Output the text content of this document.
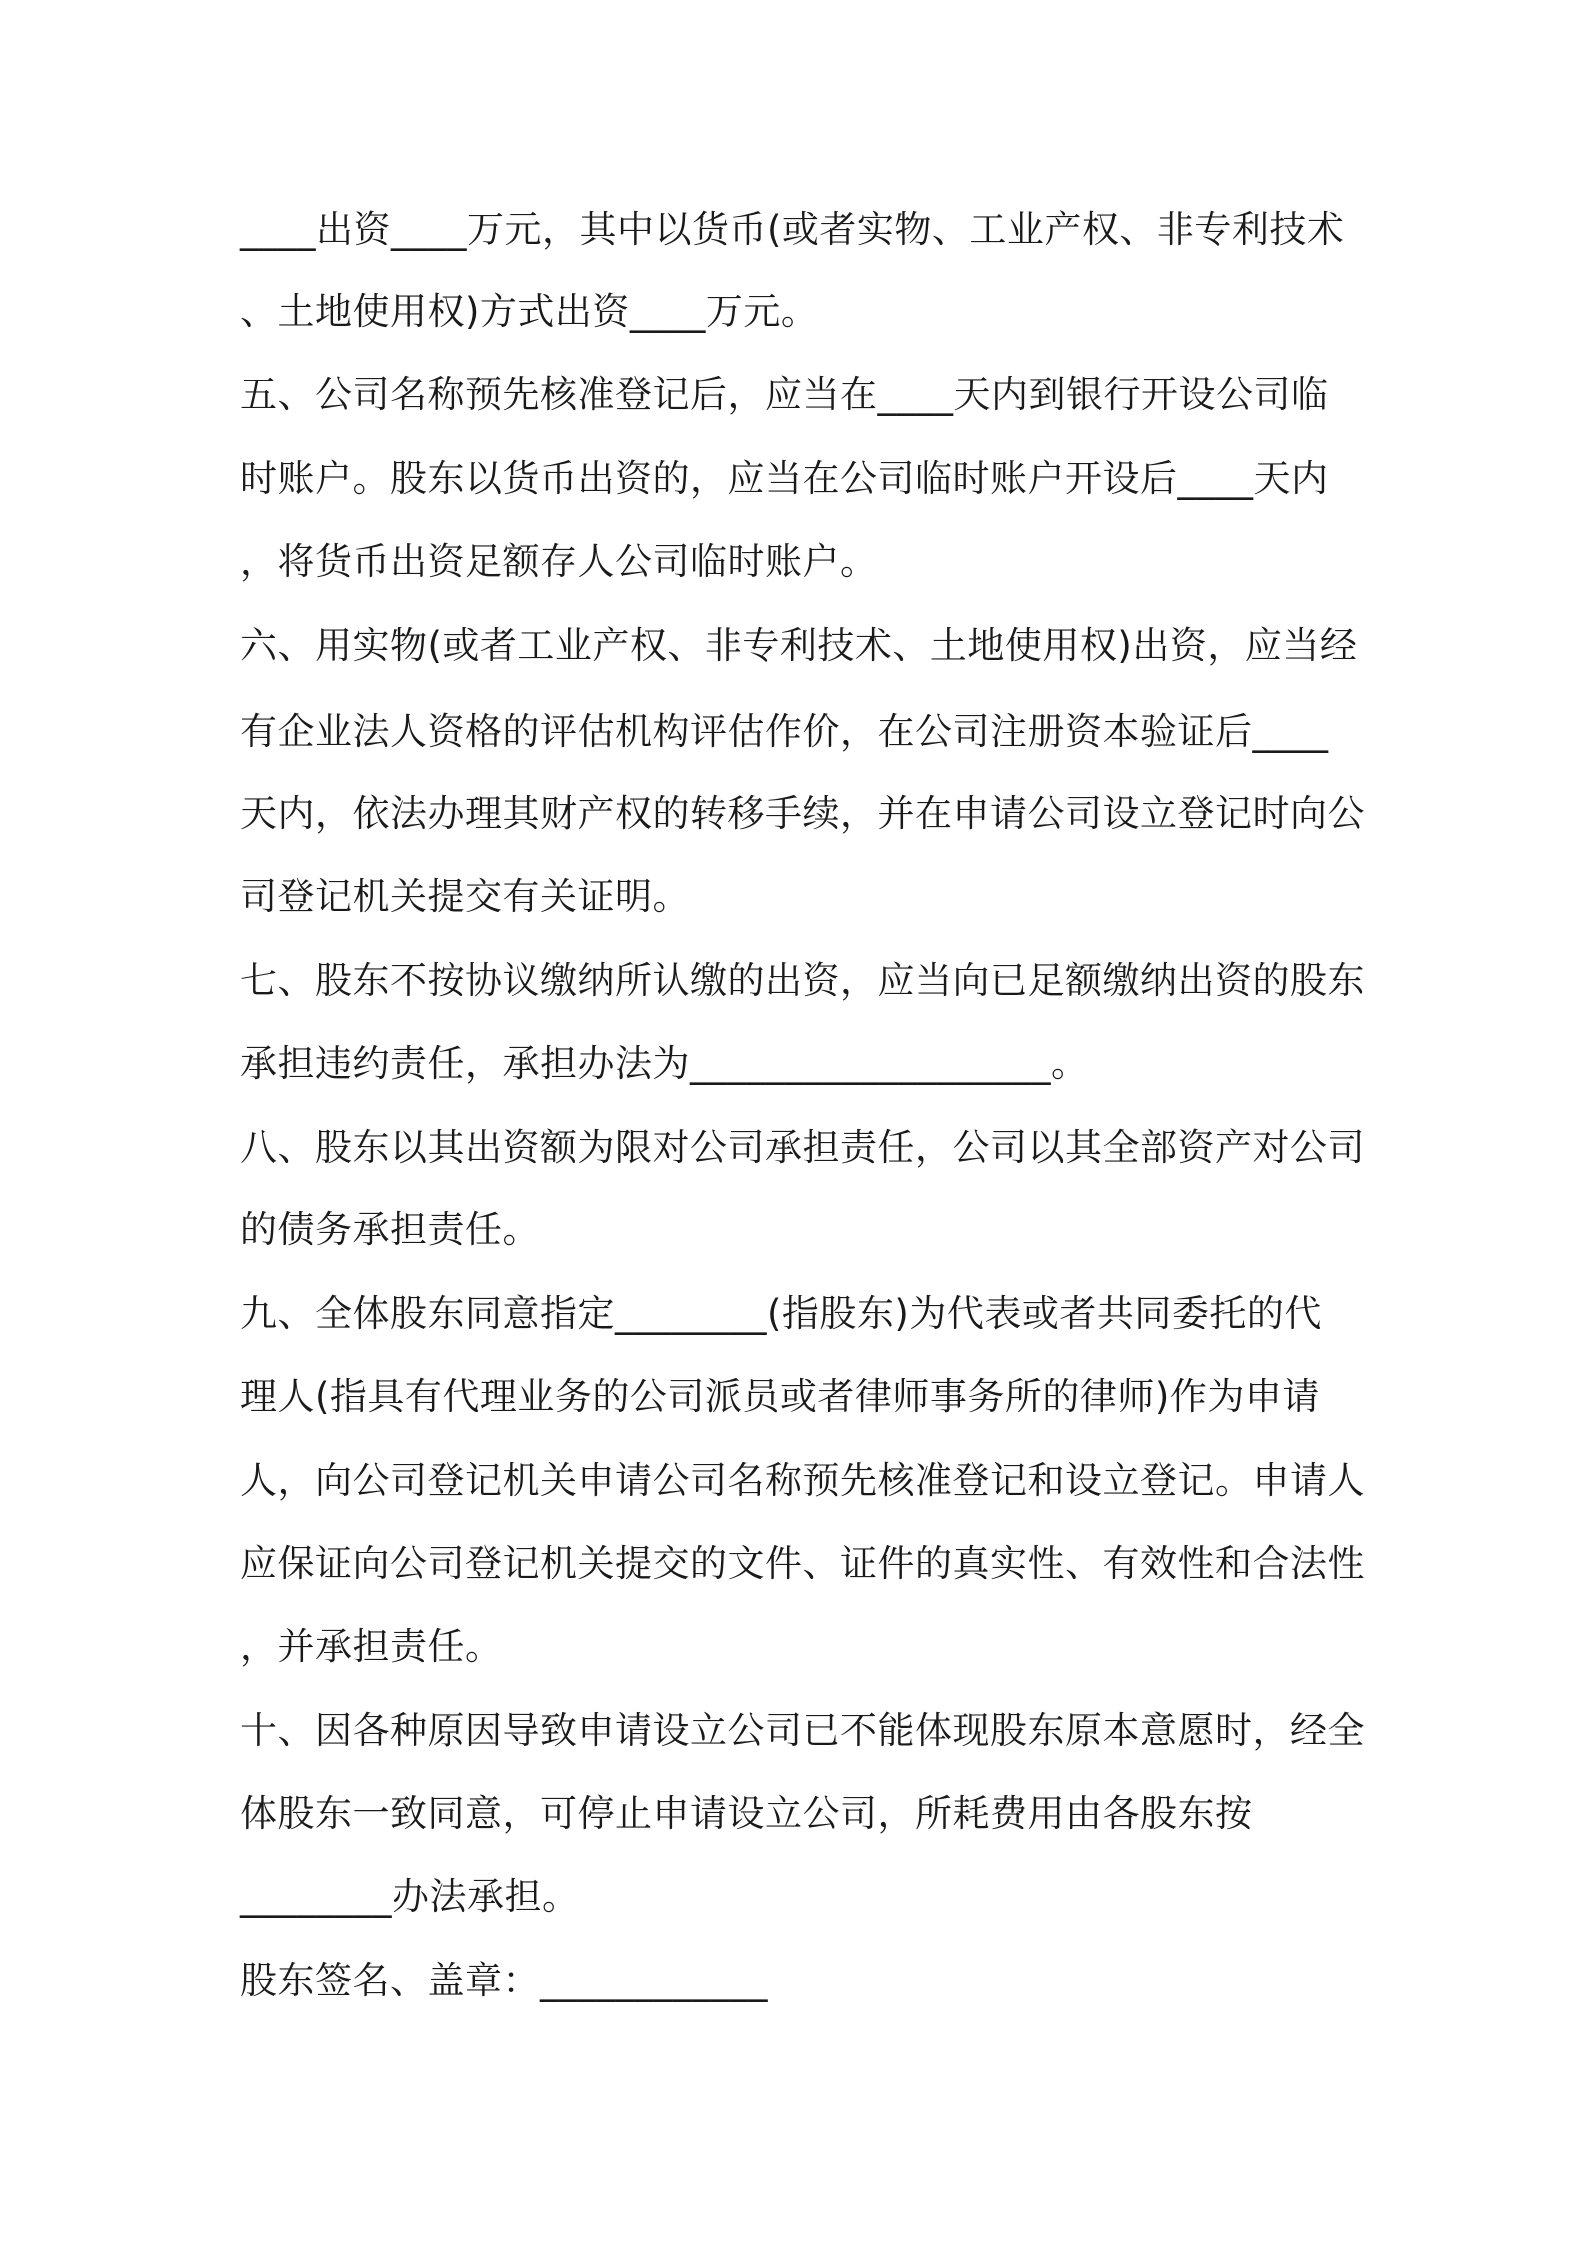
____出资____万元，其中以货币(或者实物、工业产权、非专利技术
、土地使用权)方式出资____万元。
五、公司名称预先核准登记后，应当在____天内到银行开设公司临
时账户。股东以货币出资的，应当在公司临时账户开设后____天内
，将货币出资足额存人公司临时账户。
六、用实物(或者工业产权、非专利技术、土地使用权)出资，应当经
有企业法人资格的评估机构评估作价，在公司注册资本验证后____
天内，依法办理其财产权的转移手续，并在申请公司设立登记时向公
司登记机关提交有关证明。
七、股东不按协议缴纳所认缴的出资，应当向已足额缴纳出资的股东
承担违约责任，承担办法为___________________。
八、股东以其出资额为限对公司承担责任，公司以其全部资产对公司
的债务承担责任。
九、全体股东同意指定________(指股东)为代表或者共同委托的代
理人(指具有代理业务的公司派员或者律师事务所的律师)作为申请
人，向公司登记机关申请公司名称预先核准登记和设立登记。申请人
应保证向公司登记机关提交的文件、证件的真实性、有效性和合法性
，并承担责任。
十、因各种原因导致申请设立公司已不能体现股东原本意愿时，经全
体股东一致同意，可停止申请设立公司，所耗费用由各股东按
________办法承担。
股东签名、盖章：____________
